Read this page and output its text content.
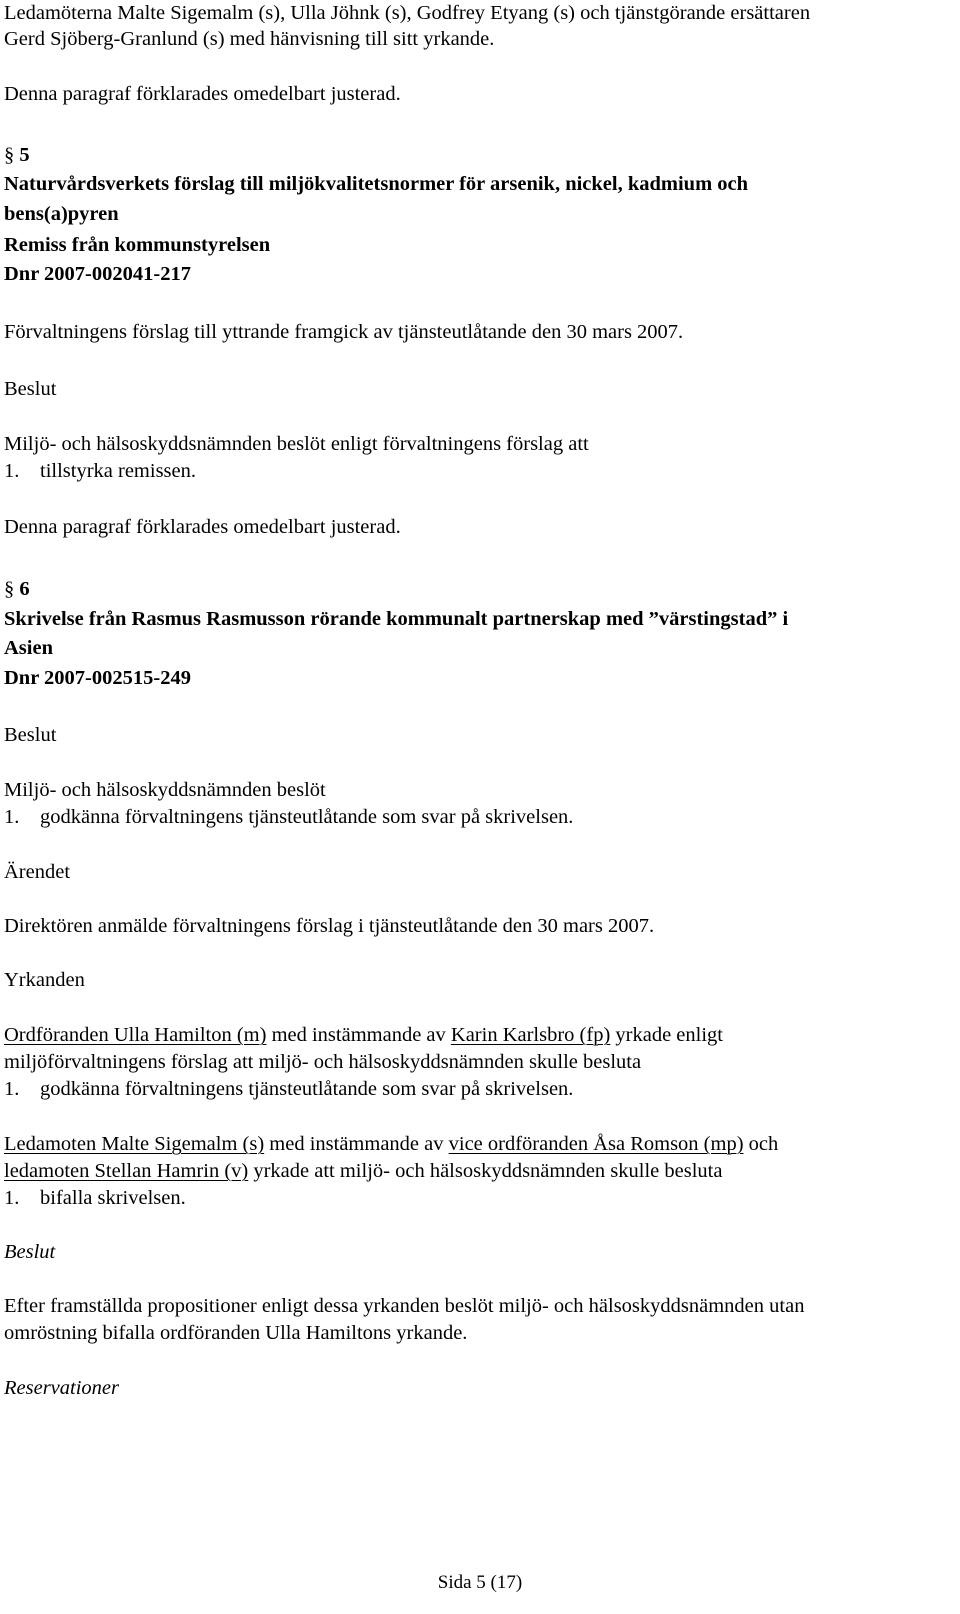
Ledamöterna Malte Sigemalm (s), Ulla Jöhnk (s), Godfrey Etyang (s) och tjänstgörande ersättaren
Gerd Sjöberg-Granlund (s) med hänvisning till sitt yrkande.
Denna paragraf förklarades omedelbart justerad.
§ 5
Naturvårdsverkets förslag till miljökvalitetsnormer för arsenik, nickel, kadmium och
bens(a)pyren
Remiss från kommunstyrelsen
Dnr 2007-002041-217
Förvaltningens förslag till yttrande framgick av tjänsteutlåtande den 30 mars 2007.
Beslut
Miljö- och hälsoskyddsnämnden beslöt enligt förvaltningens förslag att
1. tillstyrka remissen.
Denna paragraf förklarades omedelbart justerad.
§ 6
Skrivelse från Rasmus Rasmusson rörande kommunalt partnerskap med ”värstingstad” i
Asien
Dnr 2007-002515-249
Beslut
Miljö- och hälsoskyddsnämnden beslöt
1. godkänna förvaltningens tjänsteutlåtande som svar på skrivelsen.
Ärendet
Direktören anmälde förvaltningens förslag i tjänsteutlåtande den 30 mars 2007.
Yrkanden
Ordföranden Ulla Hamilton (m) med instämmande av Karin Karlsbro (fp) yrkade enligt
miljöförvaltningens förslag att miljö- och hälsoskyddsnämnden skulle besluta
1. godkänna förvaltningens tjänsteutlåtande som svar på skrivelsen.
Ledamoten Malte Sigemalm (s) med instämmande av vice ordföranden Åsa Romson (mp) och
ledamoten Stellan Hamrin (v) yrkade att miljö- och hälsoskyddsnämnden skulle besluta
1. bifalla skrivelsen.
Beslut
Efter framställda propositioner enligt dessa yrkanden beslöt miljö- och hälsoskyddsnämnden utan
omröstning bifalla ordföranden Ulla Hamiltons yrkande.
Reservationer
Sida 5 (17)
